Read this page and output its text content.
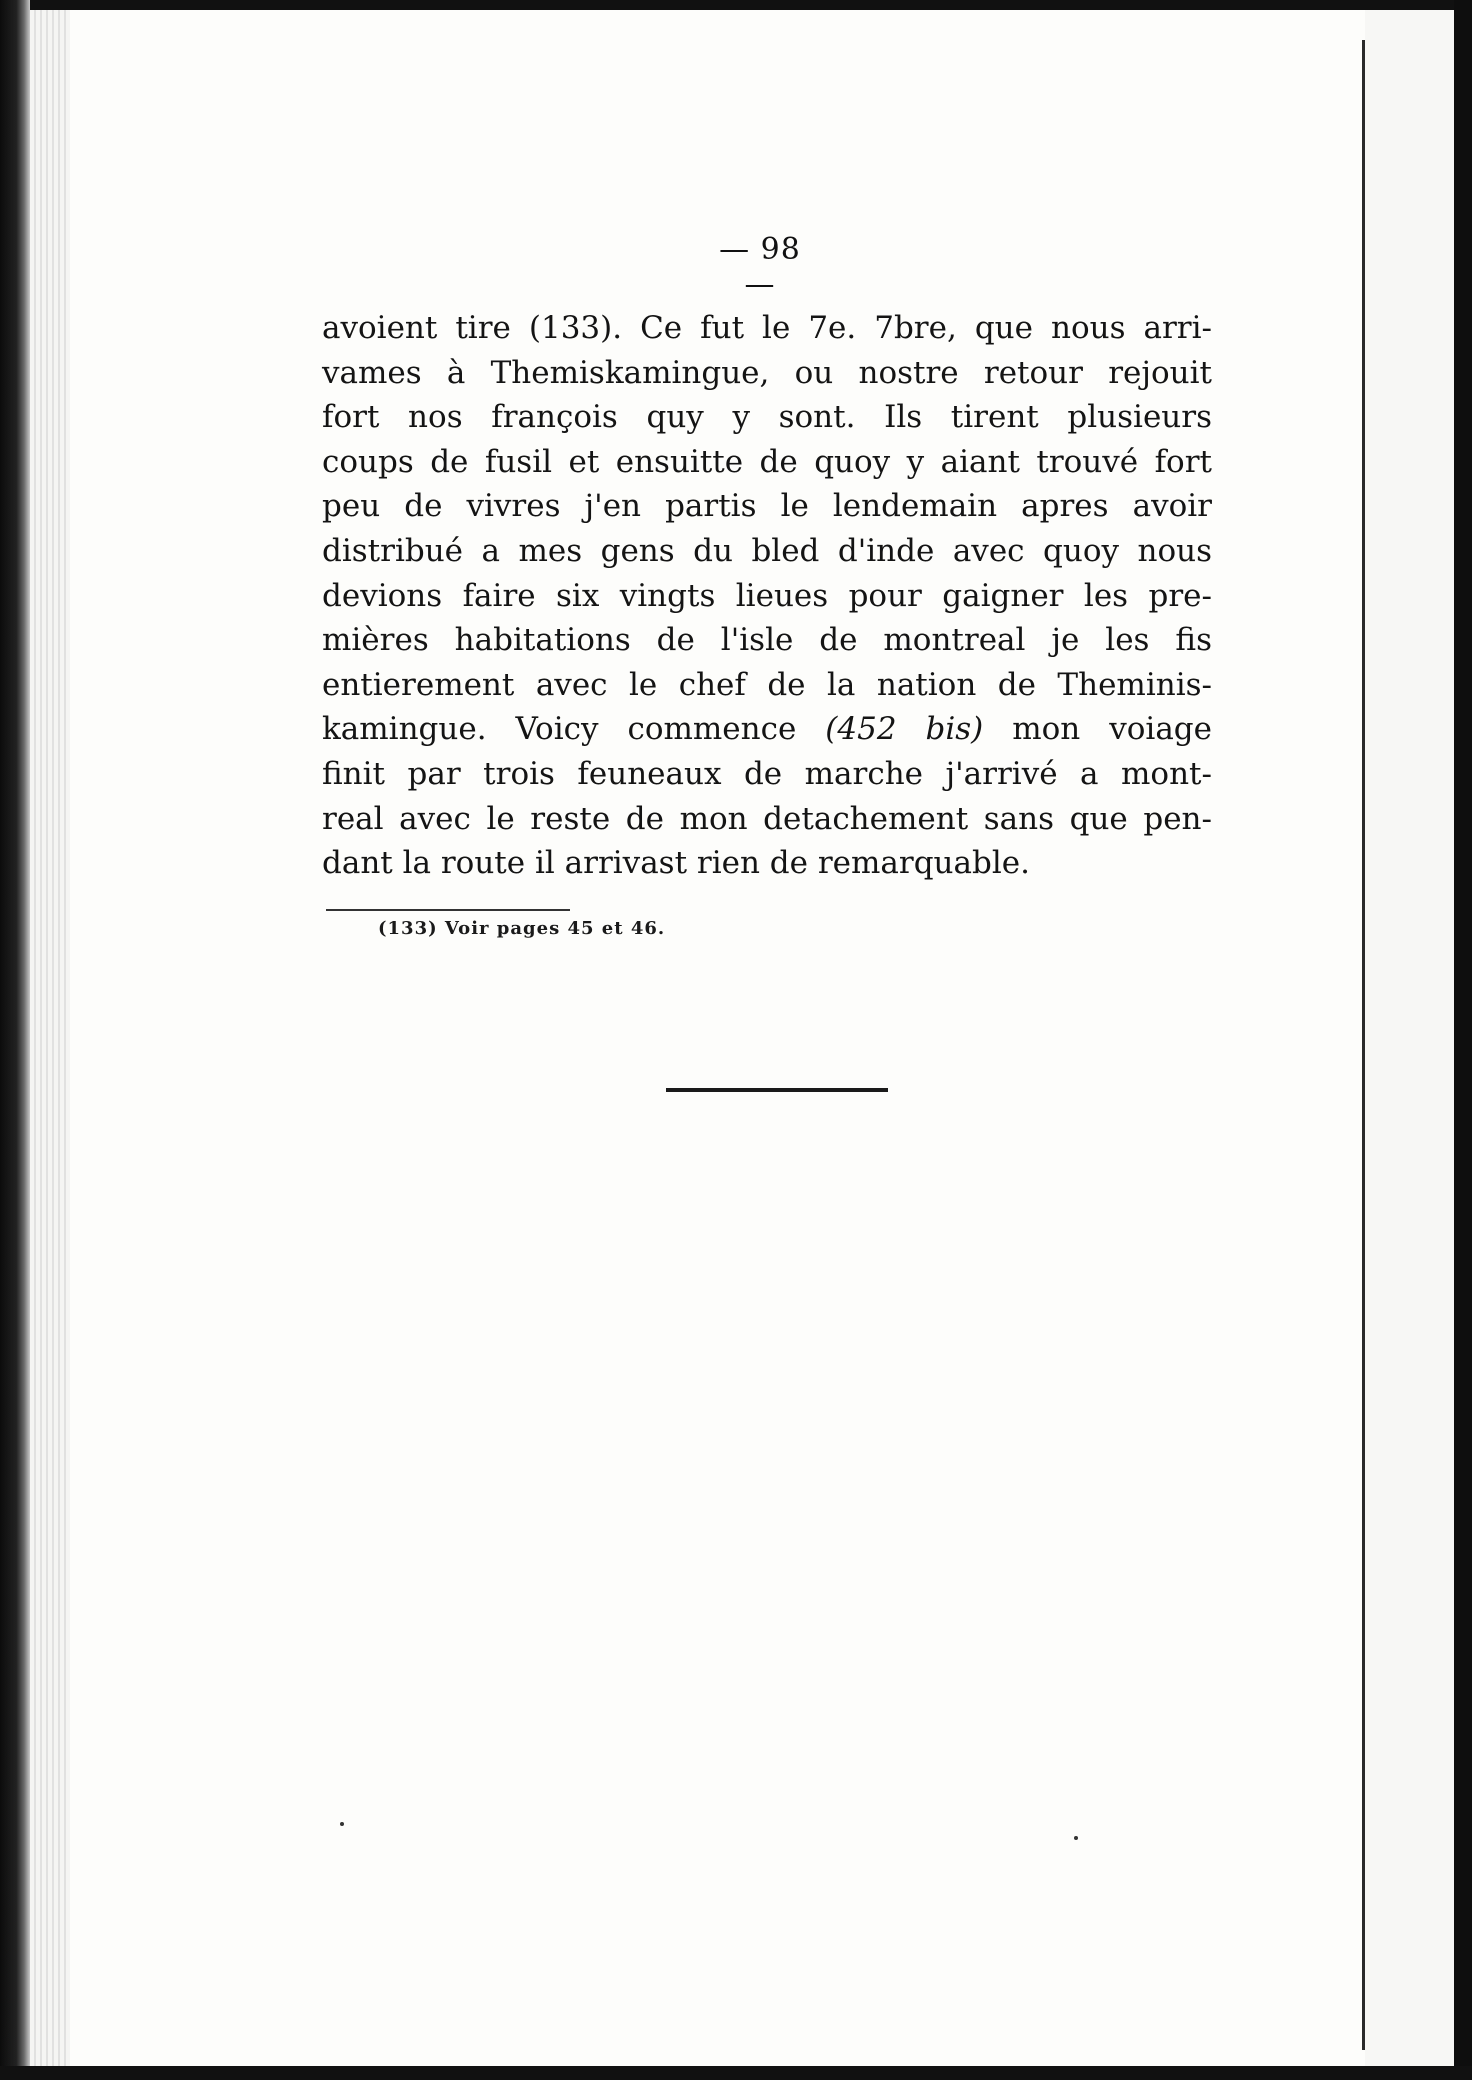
— 98 —
avoient tire (133). Ce fut le 7e. 7bre, que nous arri-
vames à Themiskamingue, ou nostre retour rejouit
fort nos françois quy y sont. Ils tirent plusieurs
coups de fusil et ensuitte de quoy y aiant trouvé fort
peu de vivres j'en partis le lendemain apres avoir
distribué a mes gens du bled d'inde avec quoy nous
devions faire six vingts lieues pour gaigner les pre-
mières habitations de l'isle de montreal je les fis
entierement avec le chef de la nation de Theminis-
kamingue. Voicy commence (452 bis) mon voiage
finit par trois feuneaux de marche j'arrivé a mont-
real avec le reste de mon detachement sans que pen-
dant la route il arrivast rien de remarquable.
(133) Voir pages 45 et 46.
